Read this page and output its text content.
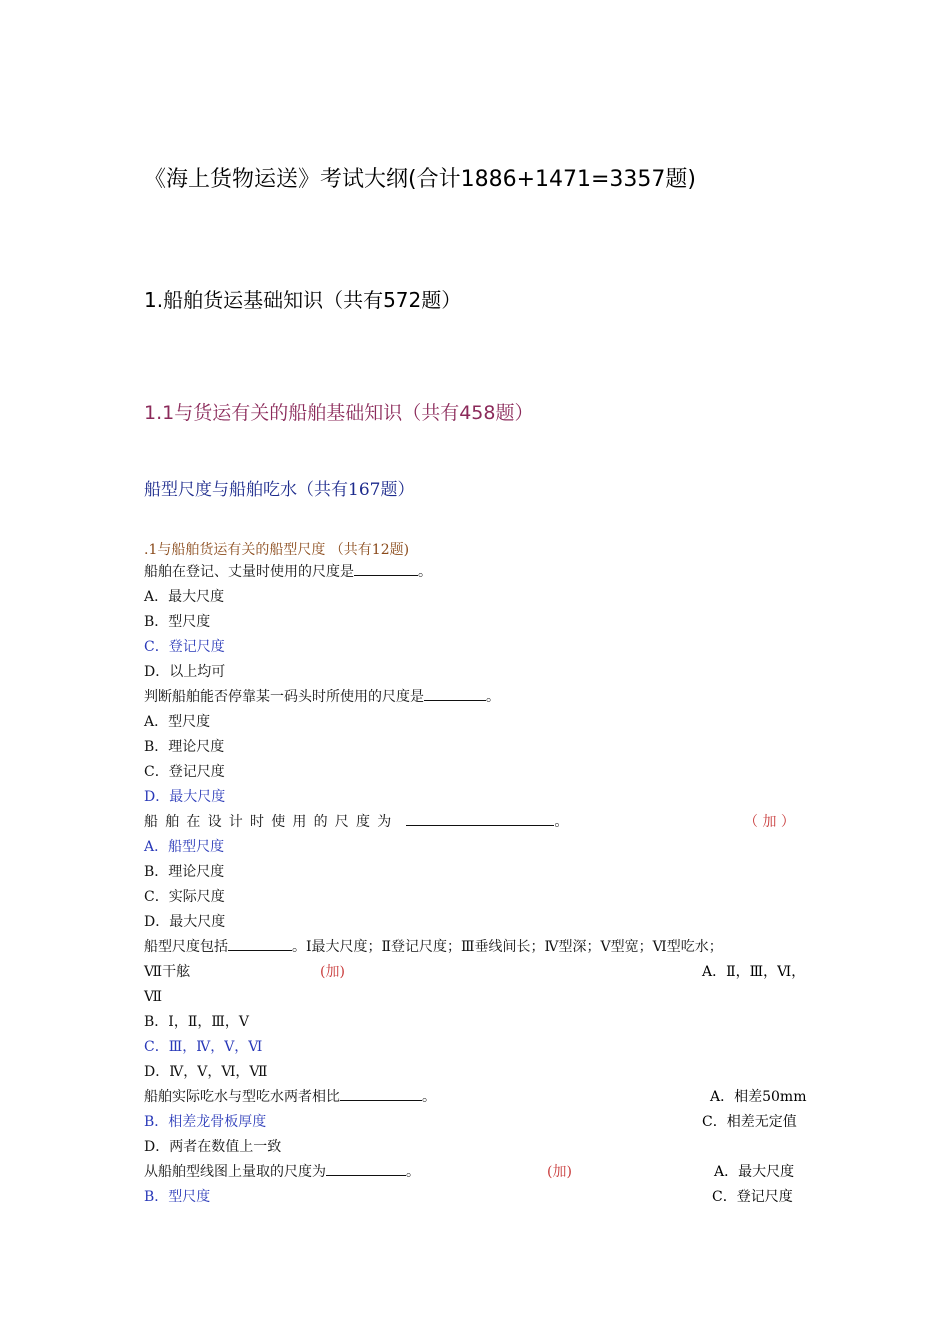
《海上货物运送》考试大纲(合计1886+1471=3357题)
1.船舶货运基础知识（共有572题）
1.1与货运有关的船舶基础知识（共有458题）
船型尺度与船舶吃水（共有167题）
.1与船舶货运有关的船型尺度 （共有12题)
船舶在登记、丈量时使用的尺度是	。
A．最大尺度
B．型尺度
C．登记尺度
D．以上均可
判断船舶能否停靠某一码头时所使用的尺度是	。
A．型尺度
B．理论尺度
C．登记尺度
D．最大尺度
船舶在设计时使用的尺度为	。	（ 加 ）
A．船型尺度
B．理论尺度
C．实际尺度
D．最大尺度
船型尺度包括	。Ⅰ最大尺度；Ⅱ登记尺度；Ⅲ垂线间长；Ⅳ型深；Ⅴ型宽；Ⅵ型吃水；
Ⅶ干舷	(加)	A．Ⅱ，Ⅲ，Ⅵ，
Ⅶ
B．Ⅰ，Ⅱ，Ⅲ，Ⅴ
C．Ⅲ，Ⅳ，Ⅴ，Ⅵ
D．Ⅳ，Ⅴ，Ⅵ，Ⅶ
船舶实际吃水与型吃水两者相比	。	A．相差50mm
B．相差龙骨板厚度	C．相差无定值
D．两者在数值上一致
从船舶型线图上量取的尺度为	。	(加)	A．最大尺度
B．型尺度	C．登记尺度
